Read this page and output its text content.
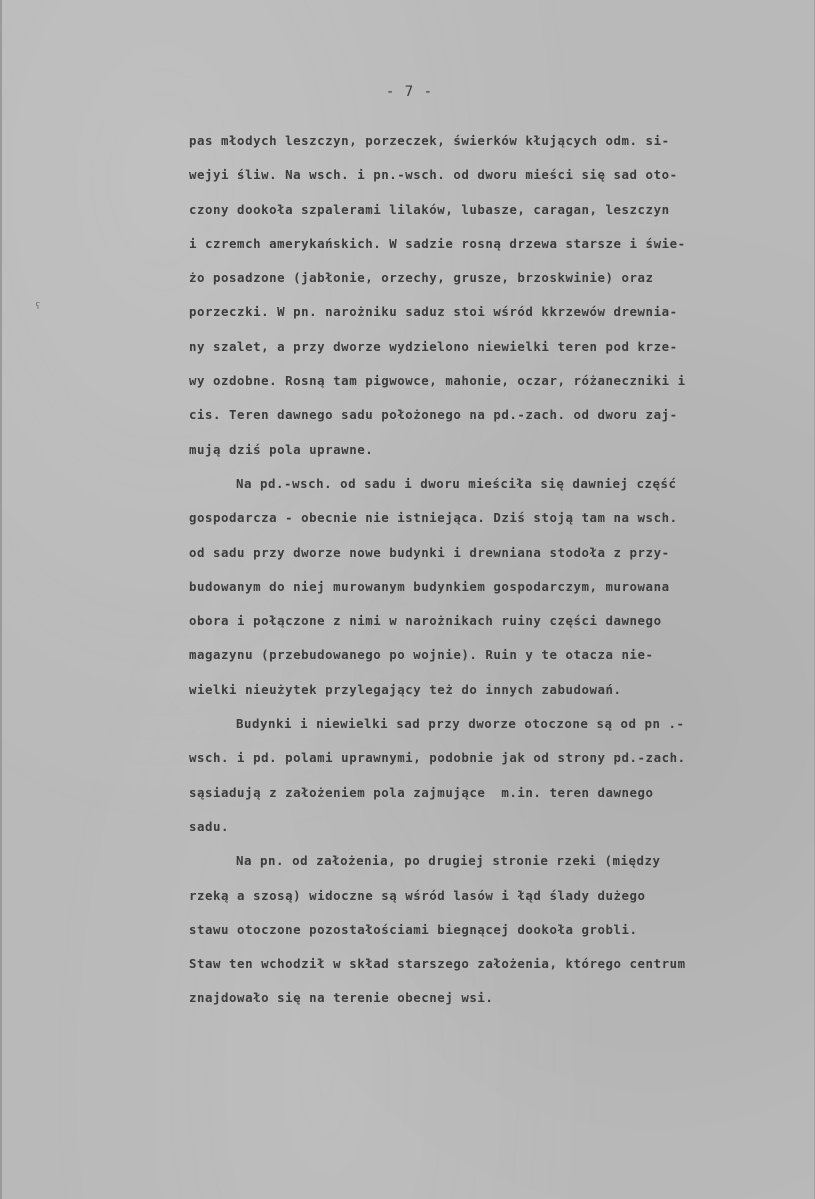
- 7 -
ʕ
pas młodych leszczyn, porzeczek, świerków kłujących odm. si-
wejyi śliw. Na wsch. i pn.-wsch. od dworu mieści się sad oto-
czony dookoła szpalerami lilaków, lubasze, caragan, leszczyn
i czremch amerykańskich. W sadzie rosną drzewa starsze i świe-
żo posadzone (jabłonie, orzechy, grusze, brzoskwinie) oraz
porzeczki. W pn. narożniku saduz stoi wśród kkrzewów drewnia-
ny szalet, a przy dworze wydzielono niewielki teren pod krze-
wy ozdobne. Rosną tam pigwowce, mahonie, oczar, różaneczniki i
cis. Teren dawnego sadu położonego na pd.-zach. od dworu zaj-
mują dziś pola uprawne.
Na pd.-wsch. od sadu i dworu mieściła się dawniej część
gospodarcza - obecnie nie istniejąca. Dziś stoją tam na wsch.
od sadu przy dworze nowe budynki i drewniana stodoła z przy-
budowanym do niej murowanym budynkiem gospodarczym, murowana
obora i połączone z nimi w narożnikach ruiny części dawnego
magazynu (przebudowanego po wojnie). Ruin y te otacza nie-
wielki nieużytek przylegający też do innych zabudowań.
Budynki i niewielki sad przy dworze otoczone są od pn .-
wsch. i pd. polami uprawnymi, podobnie jak od strony pd.-zach.
sąsiadują z założeniem pola zajmujące  m.in. teren dawnego
sadu.
Na pn. od założenia, po drugiej stronie rzeki (między
rzeką a szosą) widoczne są wśród lasów i łąd ślady dużego
stawu otoczone pozostałościami biegnącej dookoła grobli.
Staw ten wchodził w skład starszego założenia, którego centrum
znajdowało się na terenie obecnej wsi.
